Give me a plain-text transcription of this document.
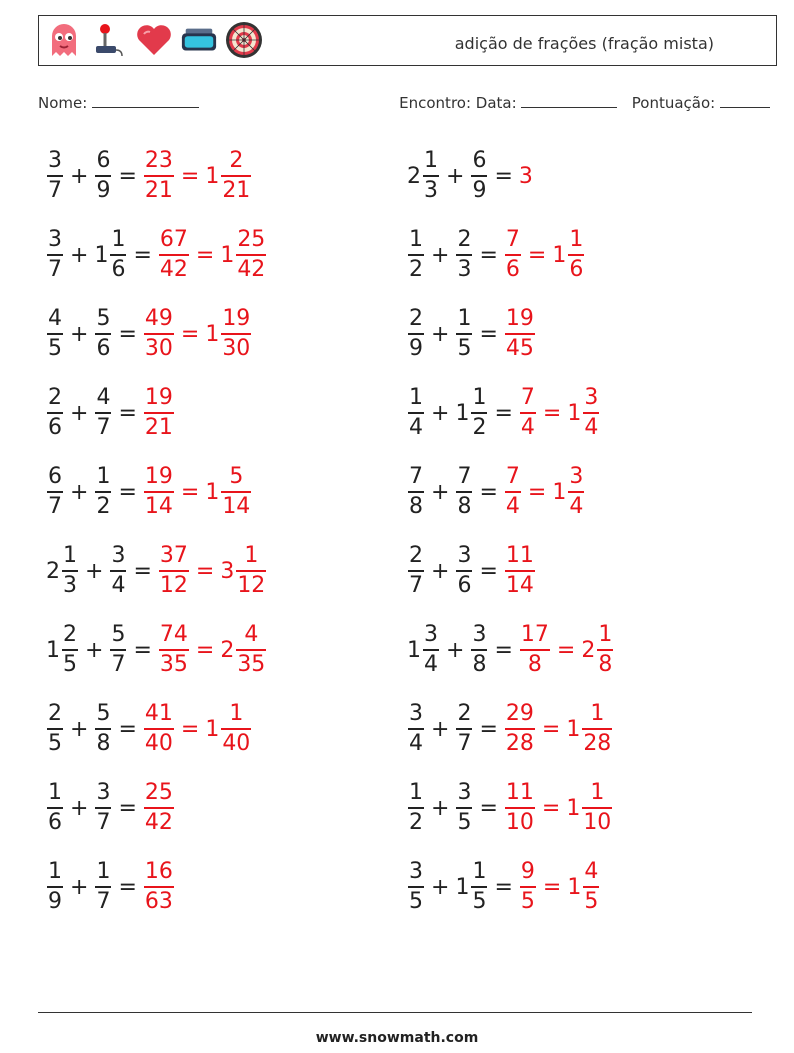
adição de frações (fração mista)
Nome:	Encontro: Data:	Pontuação:
$\frac{3}{7} + \frac{6}{9} = \frac{23}{21} = 1 \frac{2}{21}$	$2 \frac{1}{3} + \frac{6}{9} = 3$
$\frac{3}{7} + 1 \frac{1}{6} = \frac{67}{42} = 1 \frac{25}{42}$	$\frac{1}{2} + \frac{2}{3} = \frac{7}{6} = 1 \frac{1}{6}$
$\frac{4}{5} + \frac{5}{6} = \frac{49}{30} = 1 \frac{19}{30}$	$\frac{2}{9} + \frac{1}{5} = \frac{19}{45}$
$\frac{2}{6} + \frac{4}{7} = \frac{19}{21}$	$\frac{1}{4} + 1 \frac{1}{2} = \frac{7}{4} = 1 \frac{3}{4}$
$\frac{6}{7} + \frac{1}{2} = \frac{19}{14} = 1 \frac{5}{14}$	$\frac{7}{8} + \frac{7}{8} = \frac{7}{4} = 1 \frac{3}{4}$
$2 \frac{1}{3} + \frac{3}{4} = \frac{37}{12} = 3 \frac{1}{12}$	$\frac{2}{7} + \frac{3}{6} = \frac{11}{14}$
$1 \frac{2}{5} + \frac{5}{7} = \frac{74}{35} = 2 \frac{4}{35}$	$1 \frac{3}{4} + \frac{3}{8} = \frac{17}{8} = 2 \frac{1}{8}$
$\frac{2}{5} + \frac{5}{8} = \frac{41}{40} = 1 \frac{1}{40}$	$\frac{3}{4} + \frac{2}{7} = \frac{29}{28} = 1 \frac{1}{28}$
$\frac{1}{6} + \frac{3}{7} = \frac{25}{42}$	$\frac{1}{2} + \frac{3}{5} = \frac{11}{10} = 1 \frac{1}{10}$
$\frac{1}{9} + \frac{1}{7} = \frac{16}{63}$	$\frac{3}{5} + 1 \frac{1}{5} = \frac{9}{5} = 1 \frac{4}{5}$
www.snowmath.com
